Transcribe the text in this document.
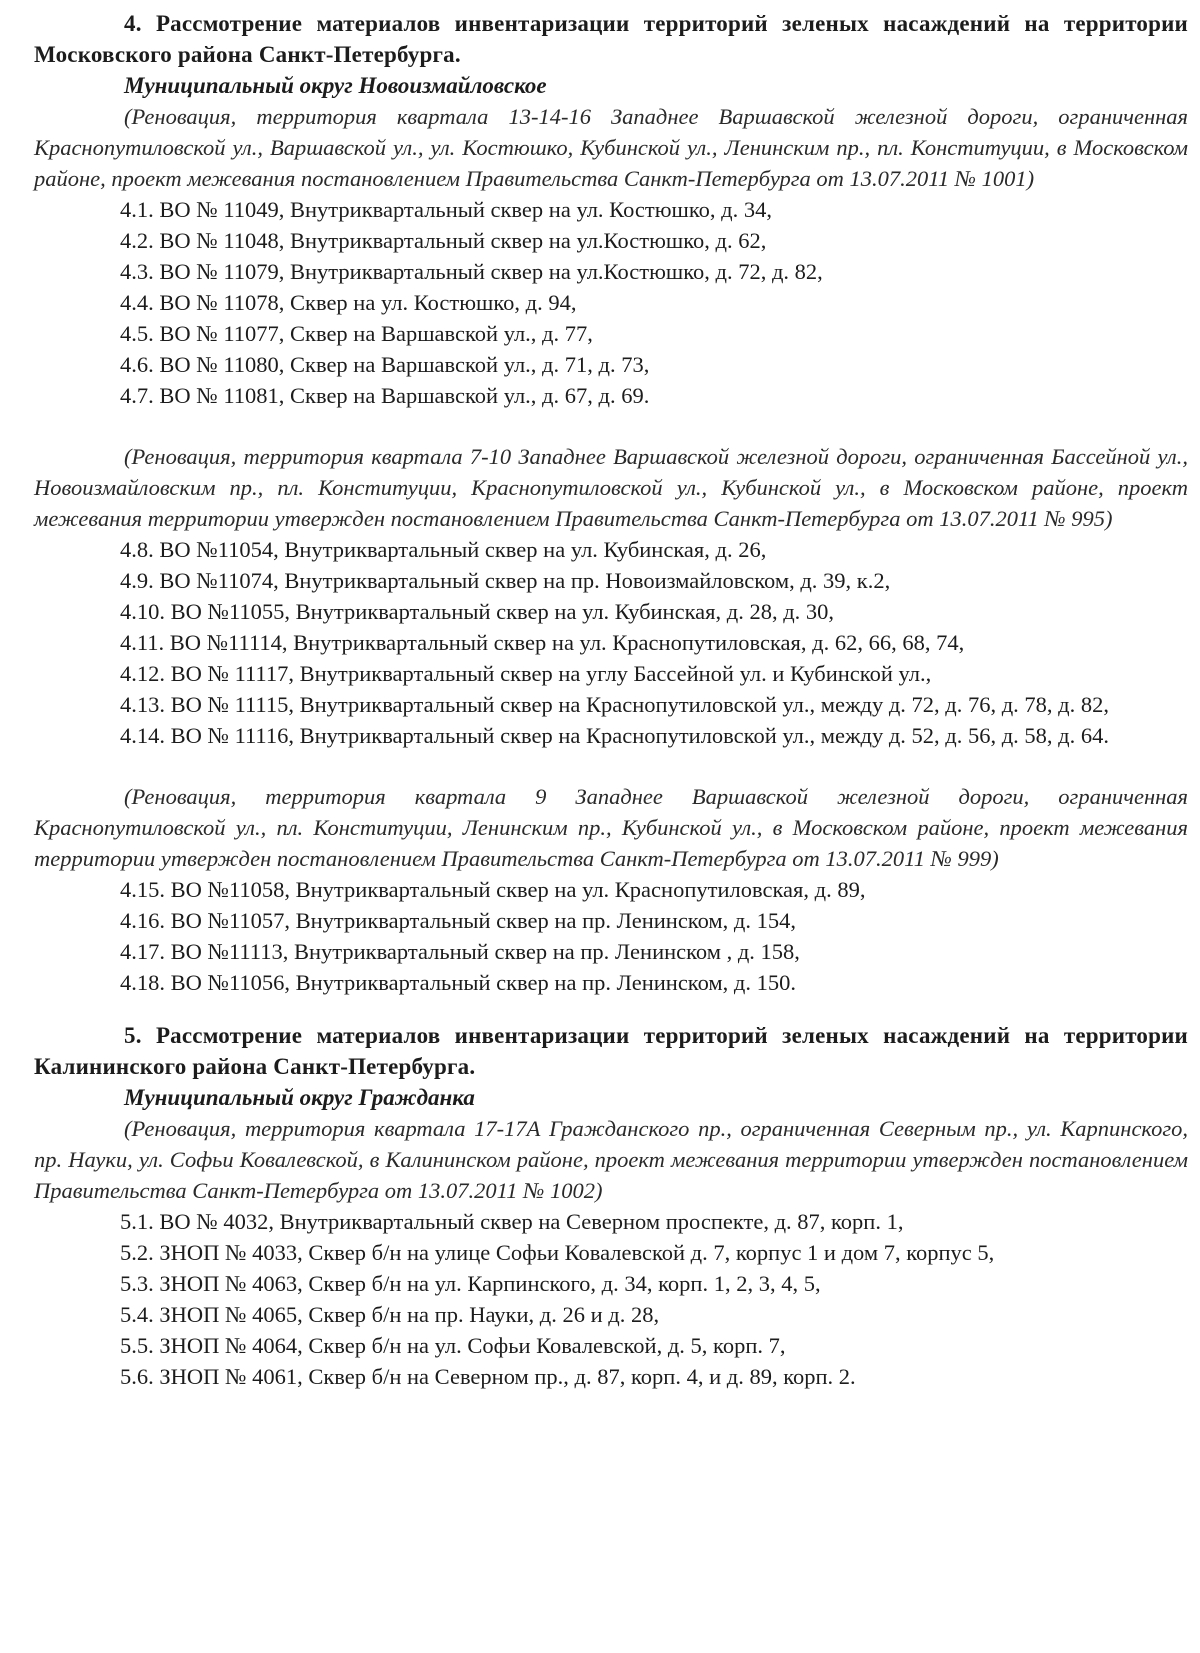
4. Рассмотрение материалов инвентаризации территорий зеленых насаждений на территории Московского района Санкт-Петербурга.
Муниципальный округ Новоизмайловское
(Реновация, территория квартала 13-14-16 Западнее Варшавской железной дороги, ограниченная Краснопутиловской ул., Варшавской ул., ул. Костюшко, Кубинской ул., Ленинским пр., пл. Конституции, в Московском районе, проект межевания постановлением Правительства Санкт-Петербурга от 13.07.2011 № 1001)
4.1. ВО № 11049, Внутриквартальный сквер на ул. Костюшко, д. 34,
4.2. ВО № 11048, Внутриквартальный сквер на ул.Костюшко, д. 62,
4.3. ВО № 11079, Внутриквартальный сквер на ул.Костюшко, д. 72, д. 82,
4.4. ВО № 11078, Сквер на ул. Костюшко, д. 94,
4.5. ВО № 11077, Сквер на Варшавской ул., д. 77,
4.6. ВО № 11080, Сквер на Варшавской ул., д. 71, д. 73,
4.7. ВО № 11081, Сквер на Варшавской ул., д. 67, д. 69.
(Реновация, территория квартала 7-10 Западнее Варшавской железной дороги, ограниченная Бассейной ул., Новоизмайловским пр., пл. Конституции, Краснопутиловской ул., Кубинской ул., в Московском районе, проект межевания территории утвержден постановлением Правительства Санкт-Петербурга от 13.07.2011 № 995)
4.8. ВО №11054, Внутриквартальный сквер на ул. Кубинская, д. 26,
4.9. ВО №11074, Внутриквартальный сквер на пр. Новоизмайловском, д. 39, к.2,
4.10. ВО №11055, Внутриквартальный сквер на ул. Кубинская, д. 28, д. 30,
4.11. ВО №11114, Внутриквартальный сквер на ул. Краснопутиловская, д. 62, 66, 68, 74,
4.12. ВО № 11117, Внутриквартальный сквер на углу Бассейной ул. и Кубинской ул.,
4.13. ВО № 11115, Внутриквартальный сквер на Краснопутиловской ул., между д. 72, д. 76, д. 78, д. 82,
4.14. ВО № 11116, Внутриквартальный сквер на Краснопутиловской ул., между д. 52, д. 56, д. 58, д. 64.
(Реновация, территория квартала 9 Западнее Варшавской железной дороги, ограниченная Краснопутиловской ул., пл. Конституции, Ленинским пр., Кубинской ул., в Московском районе, проект межевания территории утвержден постановлением Правительства Санкт-Петербурга от 13.07.2011 № 999)
4.15. ВО №11058, Внутриквартальный сквер на ул. Краснопутиловская, д. 89,
4.16. ВО №11057, Внутриквартальный сквер на пр. Ленинском, д. 154,
4.17. ВО №11113, Внутриквартальный сквер на пр. Ленинском , д. 158,
4.18. ВО №11056, Внутриквартальный сквер на пр. Ленинском, д. 150.
5. Рассмотрение материалов инвентаризации территорий зеленых насаждений на территории Калининского района Санкт-Петербурга.
Муниципальный округ Гражданка
(Реновация, территория квартала 17-17А Гражданского пр., ограниченная Северным пр., ул. Карпинского, пр. Науки, ул. Софьи Ковалевской, в Калининском районе, проект межевания территории утвержден постановлением Правительства Санкт-Петербурга от 13.07.2011 № 1002)
5.1. ВО № 4032, Внутриквартальный сквер на Северном проспекте, д. 87, корп. 1,
5.2. ЗНОП № 4033, Сквер б/н на улице Софьи Ковалевской д. 7, корпус 1 и дом 7, корпус 5,
5.3. ЗНОП № 4063, Сквер б/н на ул. Карпинского, д. 34, корп. 1, 2, 3, 4, 5,
5.4. ЗНОП № 4065, Сквер б/н на пр. Науки, д. 26 и д. 28,
5.5. ЗНОП № 4064, Сквер б/н на ул. Софьи Ковалевской, д. 5, корп. 7,
5.6. ЗНОП № 4061, Сквер б/н на Северном пр., д. 87, корп. 4, и д. 89, корп. 2.
